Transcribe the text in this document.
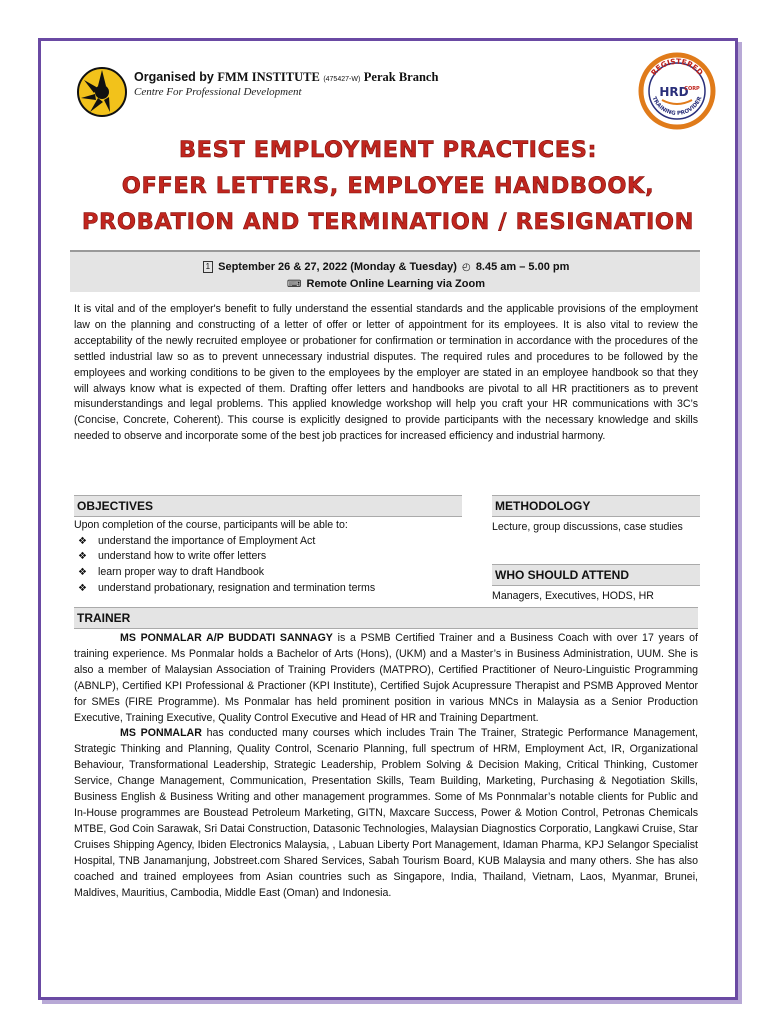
Organised by FMM INSTITUTE (475427-W) Perak Branch
Centre For Professional Development
REGISTERED
TRAINING PROVIDER
HRD
CORP
BEST EMPLOYMENT PRACTICES:
OFFER LETTERS, EMPLOYEE HANDBOOK,
PROBATION AND TERMINATION / RESIGNATION
1 September 26 & 27, 2022 (Monday & Tuesday) ◴ 8.45 am – 5.00 pm
⌨ Remote Online Learning via Zoom
It is vital and of the employer's benefit to fully understand the essential standards and the applicable provisions of the employment law on the planning and constructing of a letter of offer or letter of appointment for its employees. It is also vital to review the acceptability of the newly recruited employee or probationer for confirmation or termination in accordance with the procedures of the settled industrial law so as to prevent unnecessary industrial disputes. The required rules and procedures to be followed by the employees and working conditions to be given to the employees by the employer are stated in an employee handbook so that they will always know what is expected of them. Drafting offer letters and handbooks are pivotal to all HR practitioners as to prevent misunderstandings and legal problems. This applied knowledge workshop will help you craft your HR communications with 3C’s (Concise, Concrete, Coherent). This course is explicitly designed to provide participants with the necessary knowledge and skills needed to observe and incorporate some of the best job practices for increased efficiency and industrial harmony.
OBJECTIVES
Upon completion of the course, participants will be able to:
❖ understand the importance of Employment Act
❖ understand how to write offer letters
❖ learn proper way to draft Handbook
❖ understand probationary, resignation and termination terms
METHODOLOGY
Lecture, group discussions, case studies
WHO SHOULD ATTEND
Managers, Executives, HODS, HR
TRAINER
MS PONMALAR A/P BUDDATI SANNAGY is a PSMB Certified Trainer and a Business Coach with over 17 years of training experience. Ms Ponmalar holds a Bachelor of Arts (Hons), (UKM) and a Master’s in Business Administration, UUM. She is also a member of Malaysian Association of Training Providers (MATPRO), Certified Practitioner of Neuro-Linguistic Programming (ABNLP), Certified KPI Professional & Practioner (KPI Institute), Certified Sujok Acupressure Therapist and PSMB Approved Mentor for SMEs (FIRE Programme). Ms Ponmalar has held prominent position in various MNCs in Malaysia as a Senior Production Executive, Training Executive, Quality Control Executive and Head of HR and Training Department.
MS PONMALAR has conducted many courses which includes Train The Trainer, Strategic Performance Management, Strategic Thinking and Planning, Quality Control, Scenario Planning, full spectrum of HRM, Employment Act, IR, Organizational Behaviour, Transformational Leadership, Strategic Leadership, Problem Solving & Decision Making, Critical Thinking, Customer Service, Change Management, Communication, Presentation Skills, Team Building, Marketing, Purchasing & Negotiation Skills, Business English & Business Writing and other management programmes. Some of Ms Ponnmalar’s notable clients for Public and In-House programmes are Boustead Petroleum Marketing, GITN, Maxcare Success, Power & Motion Control, Petronas Chemicals MTBE, God Coin Sarawak, Sri Datai Construction, Datasonic Technologies, Malaysian Diagnostics Corporatio, Langkawi Cruise, Star Cruises Shipping Agency, Ibiden Electronics Malaysia, , Labuan Liberty Port Management, Idaman Pharma, KPJ Selangor Specialist Hospital, TNB Janamanjung, Jobstreet.com Shared Services, Sabah Tourism Board, KUB Malaysia and many others. She has also coached and trained employees from Asian countries such as Singapore, India, Thailand, Vietnam, Laos, Myanmar, Brunei, Maldives, Mauritius, Cambodia, Middle East (Oman) and Indonesia.
